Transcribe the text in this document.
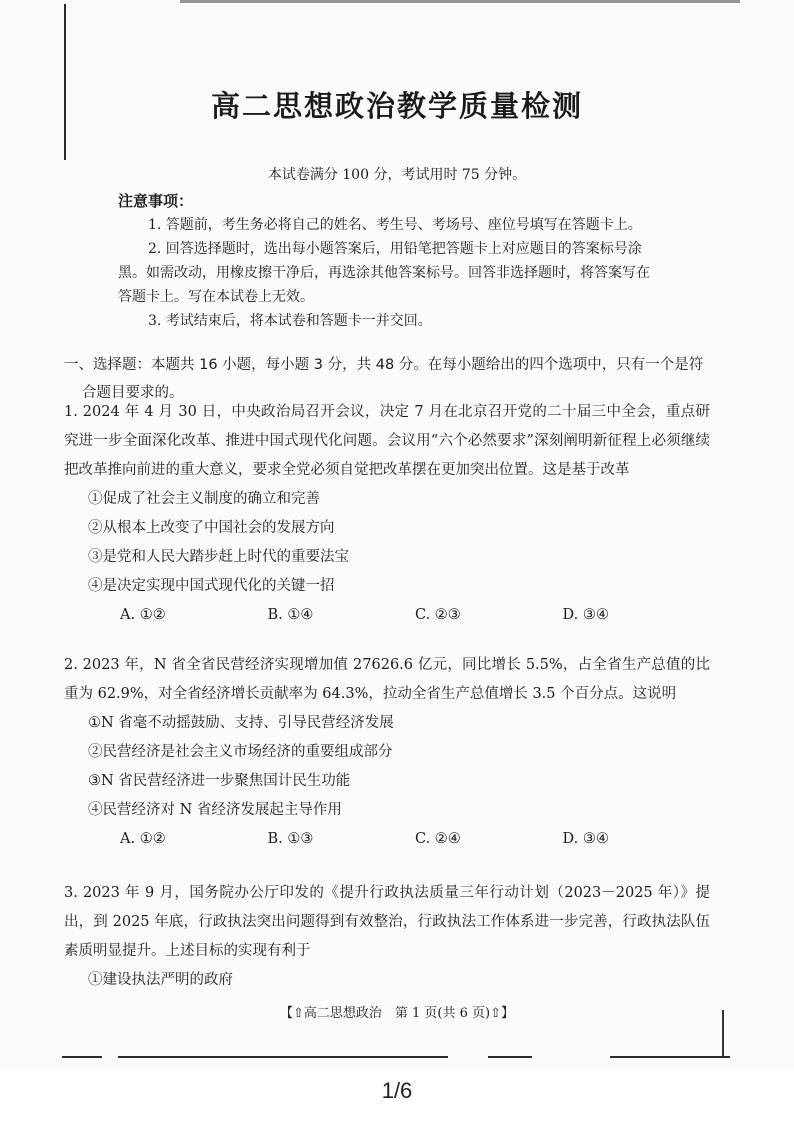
高二思想政治教学质量检测
本试卷满分 100 分，考试用时 75 分钟。
注意事项：
1. 答题前，考生务必将自己的姓名、考生号、考场号、座位号填写在答题卡上。
2. 回答选择题时，选出每小题答案后，用铅笔把答题卡上对应题目的答案标号涂
黑。如需改动，用橡皮擦干净后，再选涂其他答案标号。回答非选择题时，将答案写在
答题卡上。写在本试卷上无效。
3. 考试结束后，将本试卷和答题卡一并交回。
一、选择题：本题共 16 小题，每小题 3 分，共 48 分。在每小题给出的四个选项中，只有一个是符
合题目要求的。
1. 2024 年 4 月 30 日，中央政治局召开会议，决定 7 月在北京召开党的二十届三中全会，重点研究进一步全面深化改革、推进中国式现代化问题。会议用“六个必然要求”深刻阐明新征程上必须继续把改革推向前进的重大意义，要求全党必须自觉把改革摆在更加突出位置。这是基于改革
①促成了社会主义制度的确立和完善
②从根本上改变了中国社会的发展方向
③是党和人民大踏步赶上时代的重要法宝
④是决定实现中国式现代化的关键一招
A. ①②	B. ①④	C. ②③	D. ③④
2. 2023 年，N 省全省民营经济实现增加值 27626.6 亿元，同比增长 5.5%，占全省生产总值的比重为 62.9%，对全省经济增长贡献率为 64.3%，拉动全省生产总值增长 3.5 个百分点。这说明
①N 省毫不动摇鼓励、支持、引导民营经济发展
②民营经济是社会主义市场经济的重要组成部分
③N 省民营经济进一步聚焦国计民生功能
④民营经济对 N 省经济发展起主导作用
A. ①②	B. ①③	C. ②④	D. ③④
3. 2023 年 9 月，国务院办公厅印发的《提升行政执法质量三年行动计划（2023－2025 年）》提出，到 2025 年底，行政执法突出问题得到有效整治，行政执法工作体系进一步完善，行政执法队伍素质明显提升。上述目标的实现有利于
①建设执法严明的政府
【⇧高二思想政治　第 1 页(共 6 页)⇧】
1/6
